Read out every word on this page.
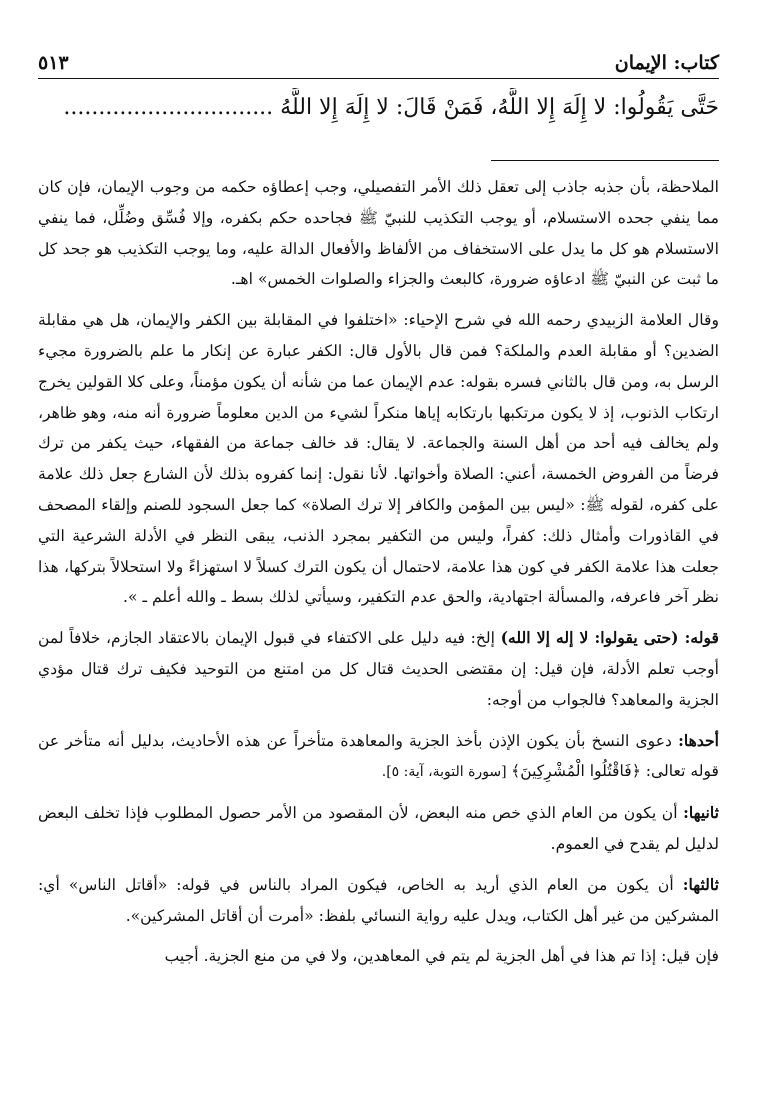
كتاب: الإيمان
٥١٣
حَتَّى يَقُولُوا: لا إِلَهَ إِلا اللَّهُ، فَمَنْ قَالَ: لا إِلَهَ إِلا اللَّهُ ..............................

الملاحظة، بأن جذبه جاذب إلى تعقل ذلك الأمر التفصيلي، وجب إعطاؤه حكمه من وجوب الإيمان، فإن كان مما ينفي جحده الاستسلام، أو يوجب التكذيب للنبيّ ﷺ فجاحده حكم بكفره، وإلا فُسِّق وضُلِّل، فما ينفي الاستسلام هو كل ما يدل على الاستخفاف من الألفاظ والأفعال الدالة عليه، وما يوجب التكذيب هو جحد كل ما ثبت عن النبيّ ﷺ ادعاؤه ضرورة، كالبعث والجزاء والصلوات الخمس» اهـ.

وقال العلامة الزبيدي رحمه الله في شرح الإحياء: «اختلفوا في المقابلة بين الكفر والإيمان، هل هي مقابلة الضدين؟ أو مقابلة العدم والملكة؟ فمن قال بالأول قال: الكفر عبارة عن إنكار ما علم بالضرورة مجيء الرسل به، ومن قال بالثاني فسره بقوله: عدم الإيمان عما من شأنه أن يكون مؤمناً، وعلى كلا القولين يخرج ارتكاب الذنوب، إذ لا يكون مرتكبها بارتكابه إياها منكراً لشيء من الدين معلوماً ضرورة أنه منه، وهو ظاهر، ولم يخالف فيه أحد من أهل السنة والجماعة. لا يقال: قد خالف جماعة من الفقهاء، حيث يكفر من ترك فرضاً من الفروض الخمسة، أعني: الصلاة وأخواتها. لأنا نقول: إنما كفروه بذلك لأن الشارع جعل ذلك علامة على كفره، لقوله ﷺ: «ليس بين المؤمن والكافر إلا ترك الصلاة» كما جعل السجود للصنم وإلقاء المصحف في القاذورات وأمثال ذلك: كفراً، وليس من التكفير بمجرد الذنب، يبقى النظر في الأدلة الشرعية التي جعلت هذا علامة الكفر في كون هذا علامة، لاحتمال أن يكون الترك كسلاً لا استهزاءً ولا استحلالاً بتركها، هذا نظر آخر فاعرفه، والمسألة اجتهادية، والحق عدم التكفير، وسيأتي لذلك بسط ـ والله أعلم ـ ».

قوله: (حتى يقولوا: لا إله إلا الله) إلخ: فيه دليل على الاكتفاء في قبول الإيمان بالاعتقاد الجازم، خلافاً لمن أوجب تعلم الأدلة، فإن قيل: إن مقتضى الحديث قتال كل من امتنع من التوحيد فكيف ترك قتال مؤدي الجزية والمعاهد؟ فالجواب من أوجه:

أحدها: دعوى النسخ بأن يكون الإذن بأخذ الجزية والمعاهدة متأخراً عن هذه الأحاديث، بدليل أنه متأخر عن قوله تعالى: ﴿فَاقْتُلُوا الْمُشْرِكِينَ﴾ [سورة التوبة، آية: ٥].

ثانيها: أن يكون من العام الذي خص منه البعض، لأن المقصود من الأمر حصول المطلوب فإذا تخلف البعض لدليل لم يقدح في العموم.

ثالثها: أن يكون من العام الذي أريد به الخاص، فيكون المراد بالناس في قوله: «أقاتل الناس» أي: المشركين من غير أهل الكتاب، ويدل عليه رواية النسائي بلفظ: «أمرت أن أقاتل المشركين».

فإن قيل: إذا تم هذا في أهل الجزية لم يتم في المعاهدين، ولا في من منع الجزية. أجيب
